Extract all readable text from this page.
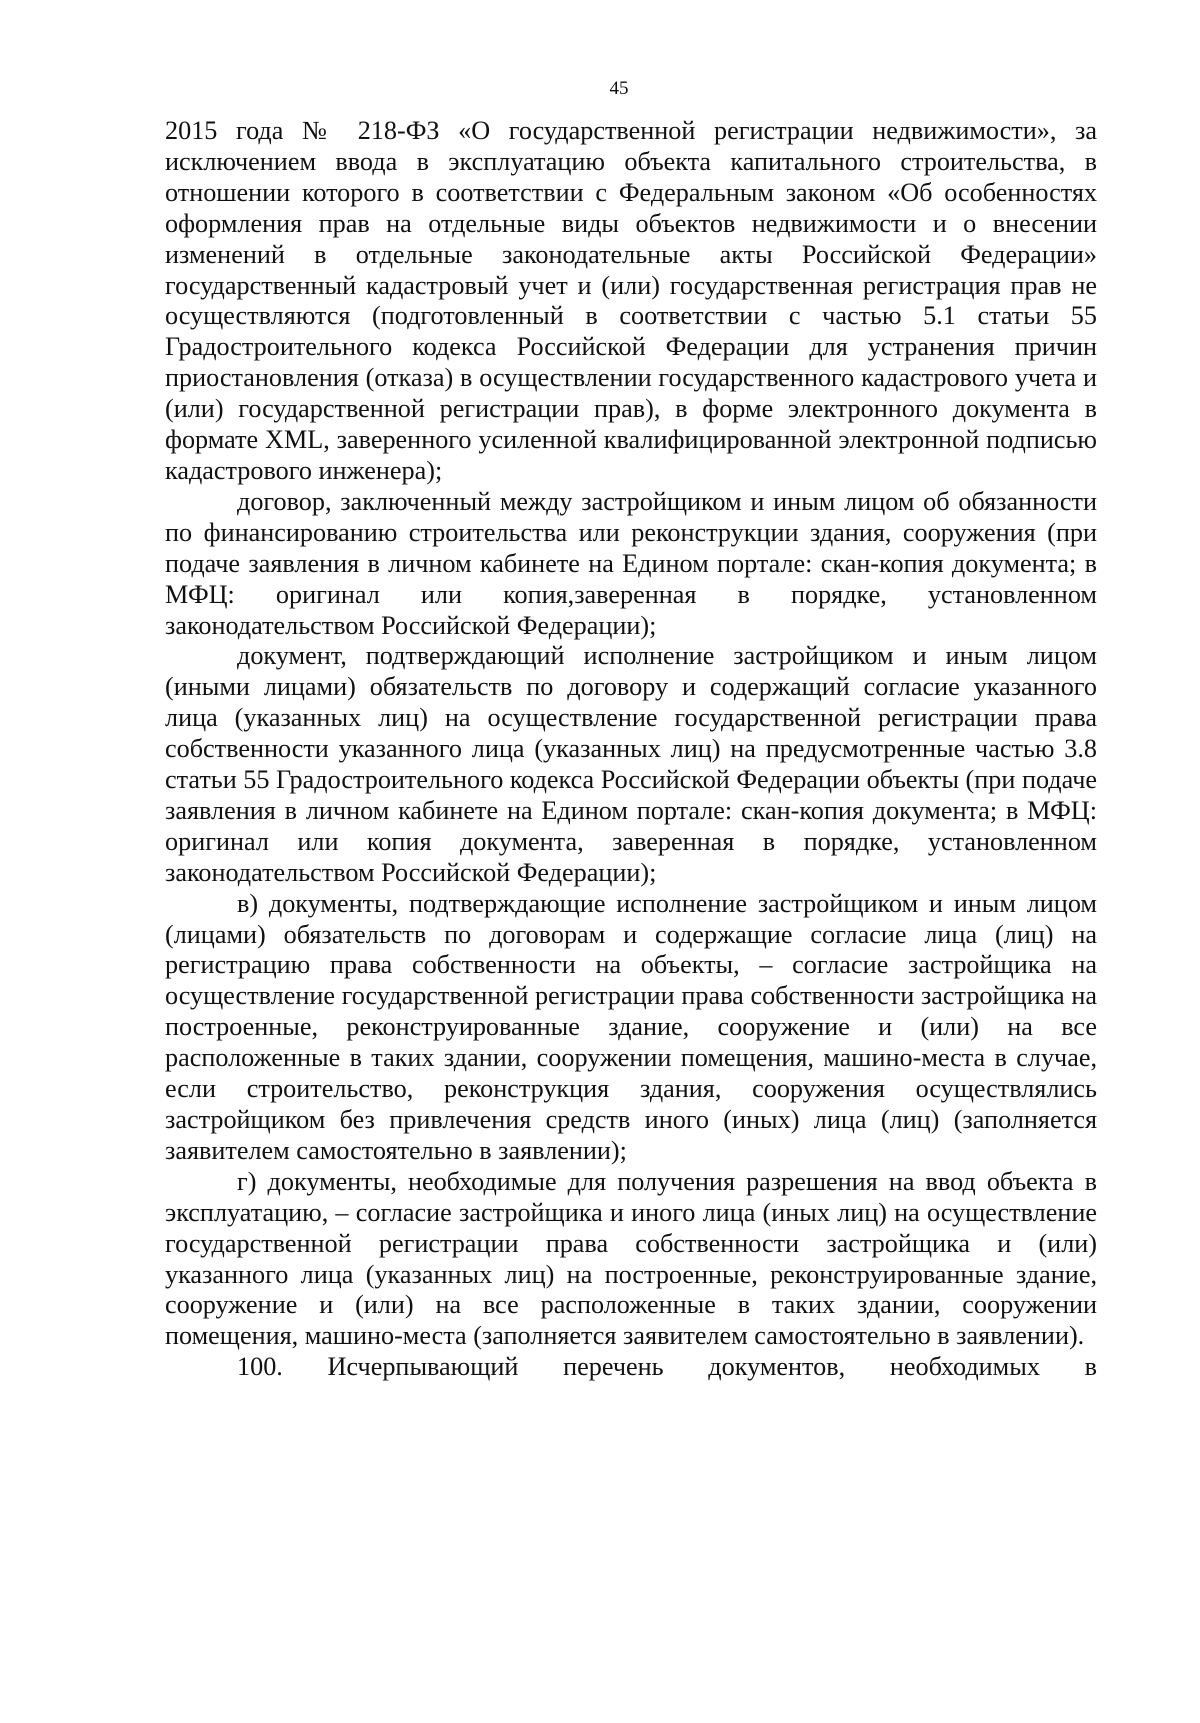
45

2015 года № 218-ФЗ «О государственной регистрации недвижимости», за исключением ввода в эксплуатацию объекта капитального строительства, в отношении которого в соответствии с Федеральным законом «Об особенностях оформления прав на отдельные виды объектов недвижимости и о внесении изменений в отдельные законодательные акты Российской Федерации» государственный кадастровый учет и (или) государственная регистрация прав не осуществляются (подготовленный в соответствии с частью 5.1 статьи 55 Градостроительного кодекса Российской Федерации для устранения причин приостановления (отказа) в осуществлении государственного кадастрового учета и (или) государственной регистрации прав), в форме электронного документа в формате XML, заверенного усиленной квалифицированной электронной подписью кадастрового инженера);

договор, заключенный между застройщиком и иным лицом об обязанности по финансированию строительства или реконструкции здания, сооружения (при подаче заявления в личном кабинете на Едином портале: скан-копия документа; в МФЦ: оригинал или копия,заверенная в порядке, установленном законодательством Российской Федерации);

документ, подтверждающий исполнение застройщиком и иным лицом (иными лицами) обязательств по договору и содержащий согласие указанного лица (указанных лиц) на осуществление государственной регистрации права собственности указанного лица (указанных лиц) на предусмотренные частью 3.8 статьи 55 Градостроительного кодекса Российской Федерации объекты (при подаче заявления в личном кабинете на Едином портале: скан-копия документа; в МФЦ: оригинал или копия документа, заверенная в порядке, установленном законодательством Российской Федерации);

в) документы, подтверждающие исполнение застройщиком и иным лицом (лицами) обязательств по договорам и содержащие согласие лица (лиц) на регистрацию права собственности на объекты, – согласие застройщика на осуществление государственной регистрации права собственности застройщика на построенные, реконструированные здание, сооружение и (или) на все расположенные в таких здании, сооружении помещения, машино-места в случае, если строительство, реконструкция здания, сооружения осуществлялись застройщиком без привлечения средств иного (иных) лица (лиц) (заполняется заявителем самостоятельно в заявлении);

г) документы, необходимые для получения разрешения на ввод объекта в эксплуатацию, – согласие застройщика и иного лица (иных лиц) на осуществление государственной регистрации права собственности застройщика и (или) указанного лица (указанных лиц) на построенные, реконструированные здание, сооружение и (или) на все расположенные в таких здании, сооружении помещения, машино-места (заполняется заявителем самостоятельно в заявлении).

100. Исчерпывающий перечень документов, необходимых в
